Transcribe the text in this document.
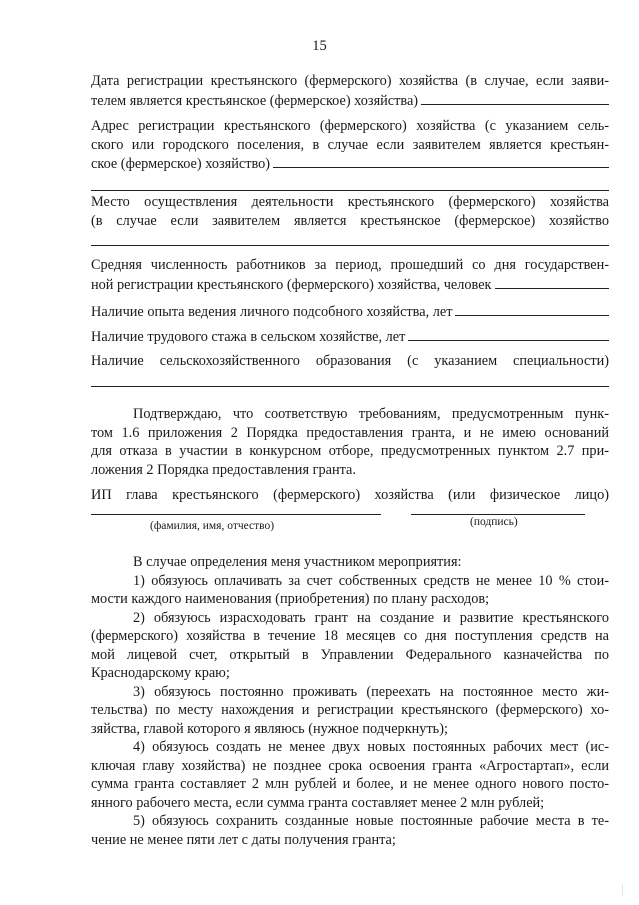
15
Дата регистрации крестьянского (фермерского) хозяйства (в случае, если заяви-
телем является крестьянское (фермерское) хозяйства)
Адрес регистрации крестьянского (фермерского) хозяйства (с указанием сель-
ского или городского поселения, в случае если заявителем является крестьян-
ское (фермерское) хозяйство)
Место осуществления деятельности крестьянского (фермерского) хозяйства
(в случае если заявителем является крестьянское (фермерское) хозяйство
Средняя численность работников за период, прошедший со дня государствен-
ной регистрации крестьянского (фермерского) хозяйства, человек
Наличие опыта ведения личного подсобного хозяйства, лет
Наличие трудового стажа в сельском хозяйстве, лет
Наличие сельскохозяйственного образования (с указанием специальности)
Подтверждаю, что соответствую требованиям, предусмотренным пунк-
том 1.6 приложения 2 Порядка предоставления гранта, и не имею оснований
для отказа в участии в конкурсном отборе, предусмотренных пунктом 2.7 при-
ложения 2 Порядка предоставления гранта.
ИП глава крестьянского (фермерского) хозяйства (или физическое лицо)
(фамилия, имя, отчество)	(подпись)
В случае определения меня участником мероприятия:
1) обязуюсь оплачивать за счет собственных средств не менее 10 % стои-
мости каждого наименования (приобретения) по плану расходов;
2) обязуюсь израсходовать грант на создание и развитие крестьянского
(фермерского) хозяйства в течение 18 месяцев со дня поступления средств на
мой лицевой счет, открытый в Управлении Федерального казначейства по
Краснодарскому краю;
3) обязуюсь постоянно проживать (переехать на постоянное место жи-
тельства) по месту нахождения и регистрации крестьянского (фермерского) хо-
зяйства, главой которого я являюсь (нужное подчеркнуть);
4) обязуюсь создать не менее двух новых постоянных рабочих мест (ис-
ключая главу хозяйства) не позднее срока освоения гранта «Агростартап», если
сумма гранта составляет 2 млн рублей и более, и не менее одного нового посто-
янного рабочего места, если сумма гранта составляет менее 2 млн рублей;
5) обязуюсь сохранить созданные новые постоянные рабочие места в те-
чение не менее пяти лет с даты получения гранта;
